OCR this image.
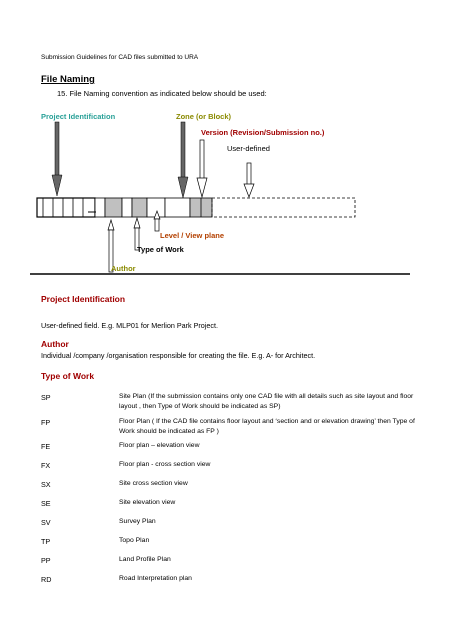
Submission Guidelines for CAD files submitted to URA
File Naming
15. File Naming convention as indicated below should be used:
Project Identification	Zone (or Block)
Version (Revision/Submission no.)
User-defined
Level / View plane
Type of Work
Author
Project Identification
User-defined field. E.g. MLP01 for Merlion Park Project.
Author
Individual /company /organisation responsible for creating the file. E.g. A- for Architect.
Type of Work
SP	Site Plan (If the submission contains only one CAD file with all details such as site layout and floor layout , then Type of Work should be indicated as SP)
FP	Floor Plan ( If the CAD file contains floor layout and ‘section and or elevation drawing’ then Type of Work should be indicated as FP )
FE	Floor plan – elevation view
FX	Floor plan - cross section view
SX	Site cross section view
SE	Site elevation view
SV	Survey Plan
TP	Topo Plan
PP	Land Profile Plan
RD	Road Interpretation plan
